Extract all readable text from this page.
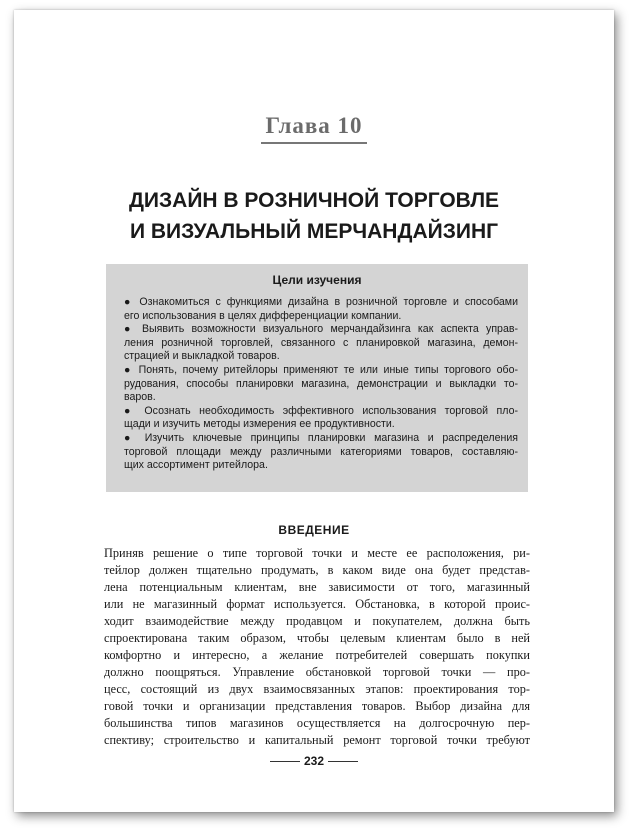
Глава 10
ДИЗАЙН В РОЗНИЧНОЙ ТОРГОВЛЕ
И ВИЗУАЛЬНЫЙ МЕРЧАНДАЙЗИНГ
Цели изучения
● Ознакомиться с функциями дизайна в розничной торговле и способами
его использования в целях дифференциации компании.
● Выявить возможности визуального мерчандайзинга как аспекта управ-
ления розничной торговлей, связанного с планировкой магазина, демон-
страцией и выкладкой товаров.
● Понять, почему ритейлоры применяют те или иные типы торгового обо-
рудования, способы планировки магазина, демонстрации и выкладки то-
варов.
● Осознать необходимость эффективного использования торговой пло-
щади и изучить методы измерения ее продуктивности.
● Изучить ключевые принципы планировки магазина и распределения
торговой площади между различными категориями товаров, составляю-
щих ассортимент ритейлора.
ВВЕДЕНИЕ
Приняв решение о типе торговой точки и месте ее расположения, ри-
тейлор должен тщательно продумать, в каком виде она будет представ-
лена потенциальным клиентам, вне зависимости от того, магазинный
или не магазинный формат используется. Обстановка, в которой проис-
ходит взаимодействие между продавцом и покупателем, должна быть
спроектирована таким образом, чтобы целевым клиентам было в ней
комфортно и интересно, а желание потребителей совершать покупки
должно поощряться. Управление обстановкой торговой точки — про-
цесс, состоящий из двух взаимосвязанных этапов: проектирования тор-
говой точки и организации представления товаров. Выбор дизайна для
большинства типов магазинов осуществляется на долгосрочную пер-
спективу; строительство и капитальный ремонт торговой точки требуют
232
